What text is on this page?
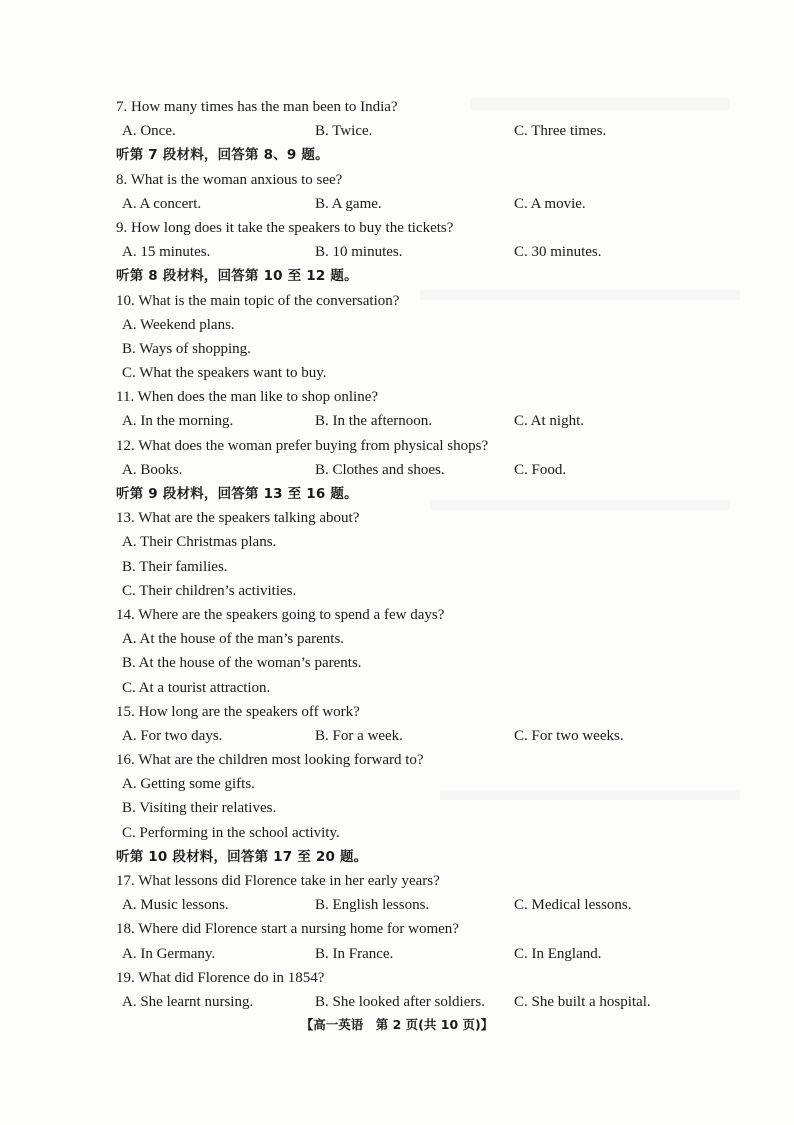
7. How many times has the man been to India?
A. Once.	B. Twice.	C. Three times.
听第 7 段材料，回答第 8、9 题。
8. What is the woman anxious to see?
A. A concert.	B. A game.	C. A movie.
9. How long does it take the speakers to buy the tickets?
A. 15 minutes.	B. 10 minutes.	C. 30 minutes.
听第 8 段材料，回答第 10 至 12 题。
10. What is the main topic of the conversation?
A. Weekend plans.
B. Ways of shopping.
C. What the speakers want to buy.
11. When does the man like to shop online?
A. In the morning.	B. In the afternoon.	C. At night.
12. What does the woman prefer buying from physical shops?
A. Books.	B. Clothes and shoes.	C. Food.
听第 9 段材料，回答第 13 至 16 题。
13. What are the speakers talking about?
A. Their Christmas plans.
B. Their families.
C. Their children’s activities.
14. Where are the speakers going to spend a few days?
A. At the house of the man’s parents.
B. At the house of the woman’s parents.
C. At a tourist attraction.
15. How long are the speakers off work?
A. For two days.	B. For a week.	C. For two weeks.
16. What are the children most looking forward to?
A. Getting some gifts.
B. Visiting their relatives.
C. Performing in the school activity.
听第 10 段材料，回答第 17 至 20 题。
17. What lessons did Florence take in her early years?
A. Music lessons.	B. English lessons.	C. Medical lessons.
18. Where did Florence start a nursing home for women?
A. In Germany.	B. In France.	C. In England.
19. What did Florence do in 1854?
A. She learnt nursing.	B. She looked after soldiers.	C. She built a hospital.
【高一英语　第 2 页(共 10 页)】
